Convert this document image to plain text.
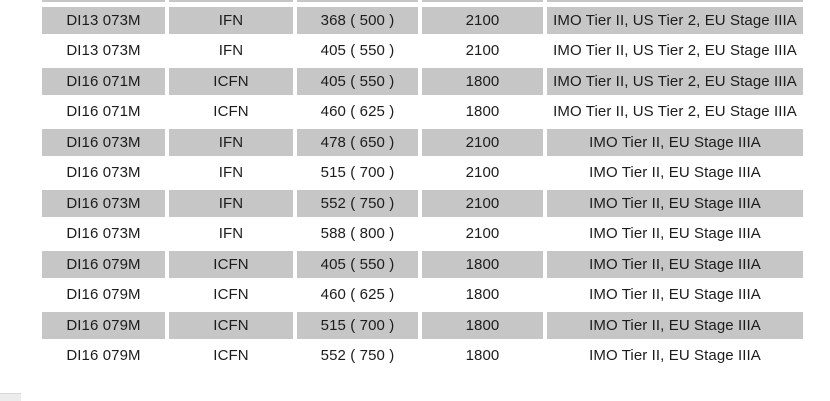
DI13 073M	IFN	368 ( 500 )	2100	IMO Tier II, US Tier 2, EU Stage IIIA
DI13 073M	IFN	405 ( 550 )	2100	IMO Tier II, US Tier 2, EU Stage IIIA
DI16 071M	ICFN	405 ( 550 )	1800	IMO Tier II, US Tier 2, EU Stage IIIA
DI16 071M	ICFN	460 ( 625 )	1800	IMO Tier II, US Tier 2, EU Stage IIIA
DI16 073M	IFN	478 ( 650 )	2100	IMO Tier II, EU Stage IIIA
DI16 073M	IFN	515 ( 700 )	2100	IMO Tier II, EU Stage IIIA
DI16 073M	IFN	552 ( 750 )	2100	IMO Tier II, EU Stage IIIA
DI16 073M	IFN	588 ( 800 )	2100	IMO Tier II, EU Stage IIIA
DI16 079M	ICFN	405 ( 550 )	1800	IMO Tier II, EU Stage IIIA
DI16 079M	ICFN	460 ( 625 )	1800	IMO Tier II, EU Stage IIIA
DI16 079M	ICFN	515 ( 700 )	1800	IMO Tier II, EU Stage IIIA
DI16 079M	ICFN	552 ( 750 )	1800	IMO Tier II, EU Stage IIIA
